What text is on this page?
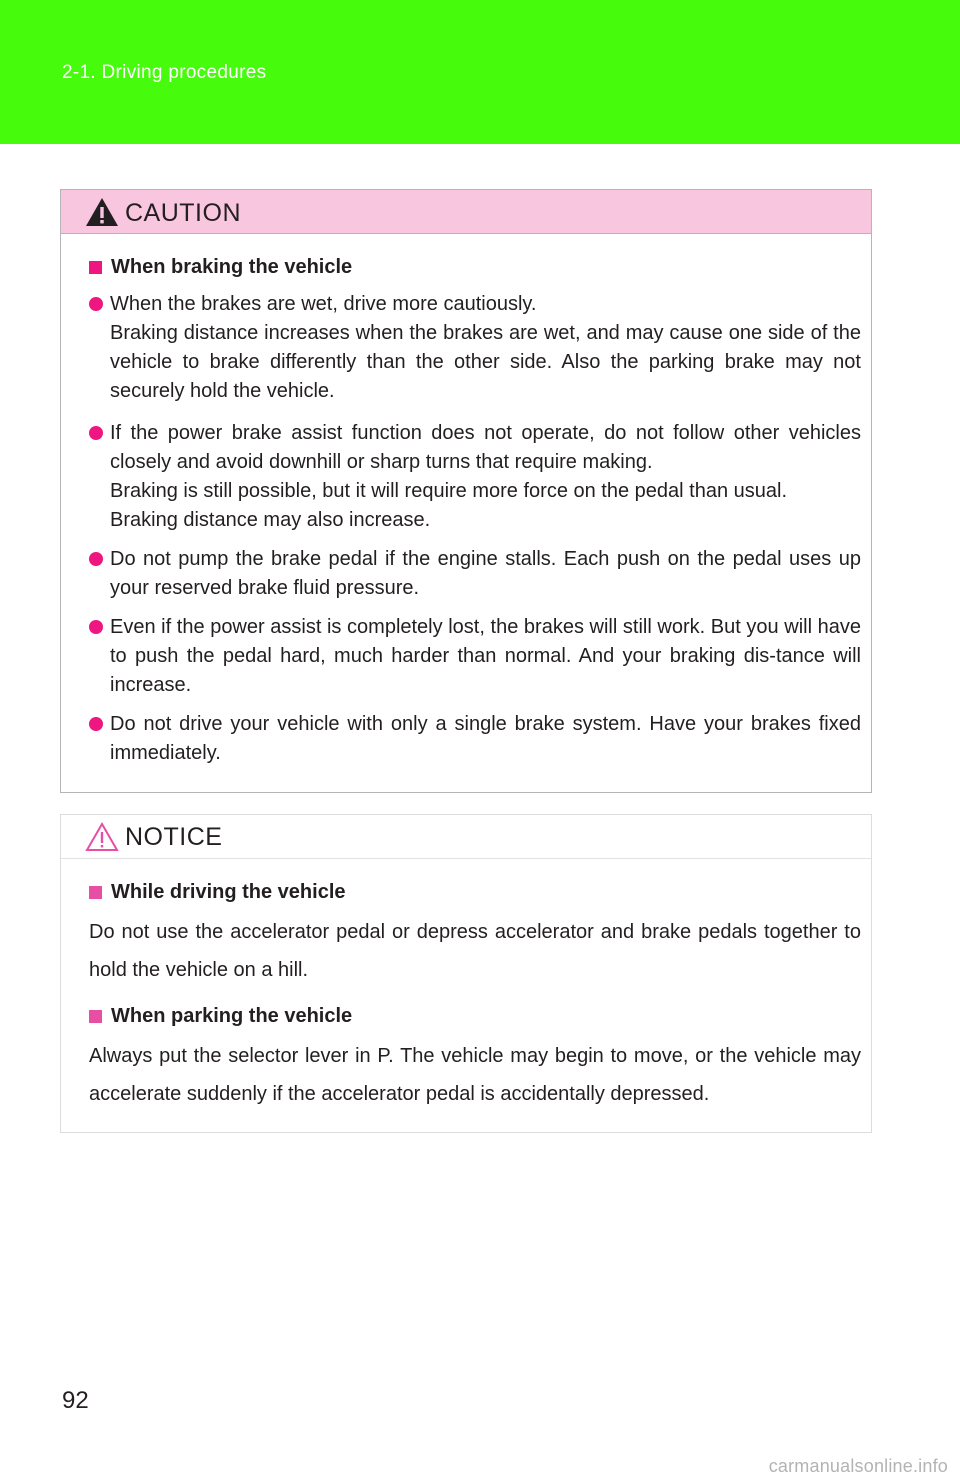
2-1. Driving procedures
CAUTION
When braking the vehicle

When the brakes are wet, drive more cautiously.

Braking distance increases when the brakes are wet, and may cause one side of the vehicle to brake differently than the other side. Also the parking brake may not securely hold the vehicle.

If the power brake assist function does not operate, do not follow other vehicles closely and avoid downhill or sharp turns that require making.

Braking is still possible, but it will require more force on the pedal than usual.

Braking distance may also increase.

Do not pump the brake pedal if the engine stalls. Each push on the pedal uses up your reserved brake fluid pressure.

Even if the power assist is completely lost, the brakes will still work. But you will have to push the pedal hard, much harder than normal. And your braking dis-tance will increase.

Do not drive your vehicle with only a single brake system. Have your brakes fixed immediately.

NOTICE
While driving the vehicle
Do not use the accelerator pedal or depress accelerator and brake pedals together to hold the vehicle on a hill.
When parking the vehicle
Always put the selector lever in P. The vehicle may begin to move, or the vehicle may accelerate suddenly if the accelerator pedal is accidentally depressed.
92
carmanualsonline.info
